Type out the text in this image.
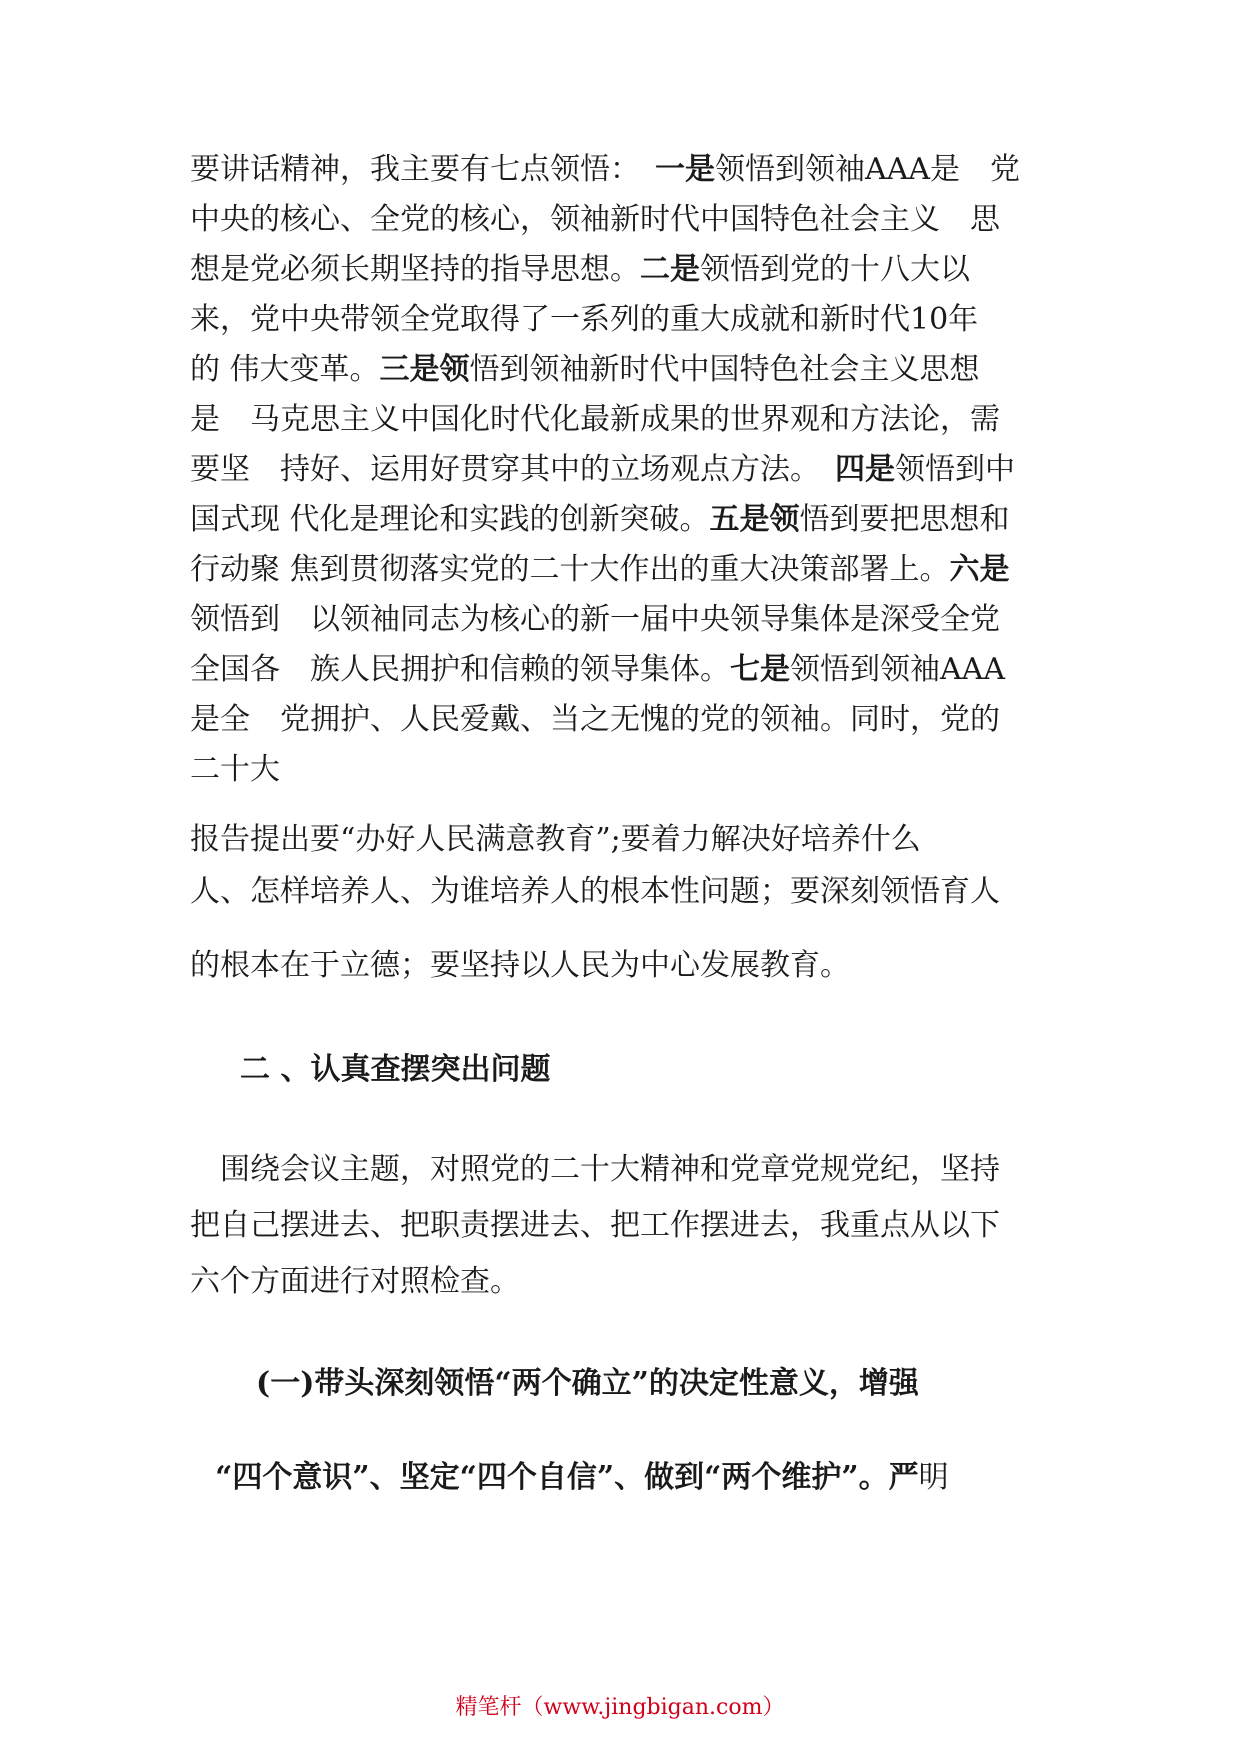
要讲话精神，我主要有七点领悟：　一是领悟到领袖AAA是　党
中央的核心、全党的核心，领袖新时代中国特色社会主义　思
想是党必须长期坚持的指导思想。二是领悟到党的十八大以
来，党中央带领全党取得了一系列的重大成就和新时代10年
的 伟大变革。三是领悟到领袖新时代中国特色社会主义思想
是　马克思主义中国化时代化最新成果的世界观和方法论，需
要坚　持好、运用好贯穿其中的立场观点方法。　四是领悟到中
国式现 代化是理论和实践的创新突破。五是领悟到要把思想和
行动聚 焦到贯彻落实党的二十大作出的重大决策部署上。六是
领悟到　以领袖同志为核心的新一届中央领导集体是深受全党
全国各　族人民拥护和信赖的领导集体。七是领悟到领袖AAA
是全　党拥护、人民爱戴、当之无愧的党的领袖。同时，党的
二十大
报告提出要“办好人民满意教育”;要着力解决好培养什么
人、怎样培养人、为谁培养人的根本性问题；要深刻领悟育人
的根本在于立德；要坚持以人民为中心发展教育。
二 、认真查摆突出问题
　围绕会议主题，对照党的二十大精神和党章党规党纪，坚持
把自己摆进去、把职责摆进去、把工作摆进去，我重点从以下
六个方面进行对照检查。
(一)带头深刻领悟“两个确立”的决定性意义，增强

“四个意识”、坚定“四个自信”、做到“两个维护”。严明

精笔杆（www.jingbigan.com）
